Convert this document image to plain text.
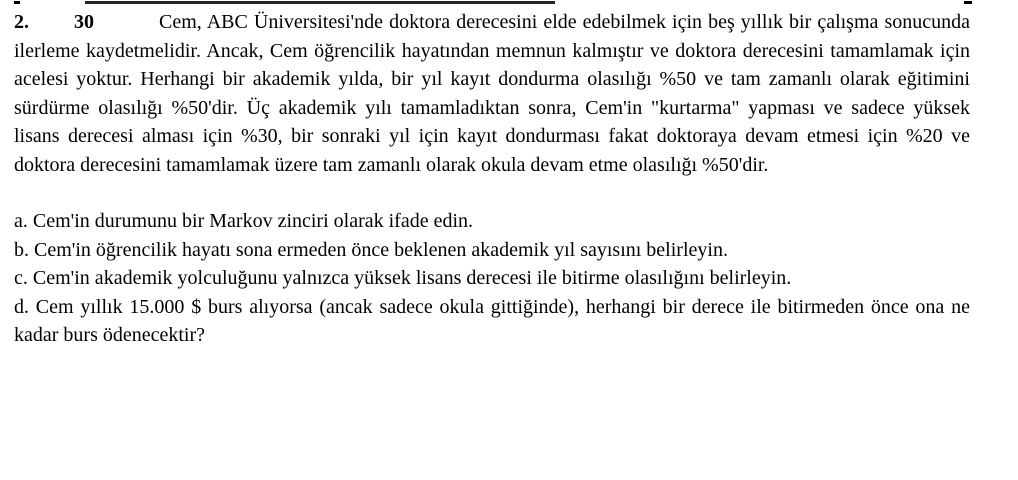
2. 30	Cem, ABC Üniversitesi'nde doktora derecesini elde edebilmek için beş yıllık bir çalışma sonucunda ilerleme kaydetmelidir. Ancak, Cem öğrencilik hayatından memnun kalmıştır ve doktora derecesini tamamlamak için acelesi yoktur. Herhangi bir akademik yılda, bir yıl kayıt dondurma olasılığı %50 ve tam zamanlı olarak eğitimini sürdürme olasılığı %50'dir. Üç akademik yılı tamamladıktan sonra, Cem'in "kurtarma" yapması ve sadece yüksek lisans derecesi alması için %30, bir sonraki yıl için kayıt dondurması fakat doktoraya devam etmesi için %20 ve doktora derecesini tamamlamak üzere tam zamanlı olarak okula devam etme olasılığı %50'dir.

a. Cem'in durumunu bir Markov zinciri olarak ifade edin.

b. Cem'in öğrencilik hayatı sona ermeden önce beklenen akademik yıl sayısını belirleyin.

c. Cem'in akademik yolculuğunu yalnızca yüksek lisans derecesi ile bitirme olasılığını belirleyin.

d. Cem yıllık 15.000 $ burs alıyorsa (ancak sadece okula gittiğinde), herhangi bir derece ile bitirmeden önce ona ne kadar burs ödenecektir?
